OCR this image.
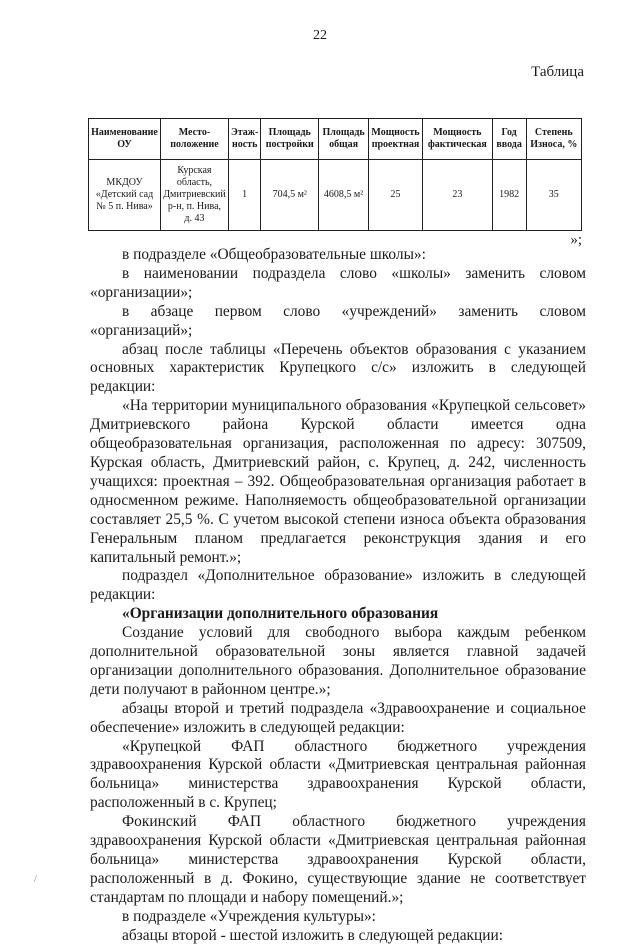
22
Таблица
Наименование ОУ	Место-положение	Этаж-ность	Площадь постройки	Площадь общая	Мощность проектная	Мощность фактическая	Год ввода	Степень Износа, %
МКДОУ «Детский сад № 5 п. Нива»	Курская область, Дмитриевский р-н, п. Нива, д. 43	1	704,5 м²	4608,5 м²	25	23	1982	35
»;

в подразделе «Общеобразовательные школы»:

в наименовании подраздела слово «школы» заменить словом «организации»;

в абзаце первом слово «учреждений» заменить словом «организаций»;

абзац после таблицы «Перечень объектов образования с указанием основных характеристик Крупецкого с/с» изложить в следующей редакции:

«На территории муниципального образования «Крупецкой сельсовет» Дмитриевского района Курской области имеется одна общеобразовательная организация, расположенная по адресу: 307509, Курская область, Дмитриевский район, с. Крупец, д. 242, численность учащихся: проектная – 392. Общеобразовательная организация работает в односменном режиме. Наполняемость общеобразовательной организации составляет 25,5 %. С учетом высокой степени износа объекта образования Генеральным планом предлагается реконструкция здания и его капитальный ремонт.»;

подраздел «Дополнительное образование» изложить в следующей редакции:

«Организации дополнительного образования

Создание условий для свободного выбора каждым ребенком дополнительной образовательной зоны является главной задачей организации дополнительного образования. Дополнительное образование дети получают в районном центре.»;

абзацы второй и третий подраздела «Здравоохранение и социальное обеспечение» изложить в следующей редакции:

«Крупецкой ФАП областного бюджетного учреждения здравоохранения Курской области «Дмитриевская центральная районная больница» министерства здравоохранения Курской области, расположенный в с. Крупец;

Фокинский ФАП областного бюджетного учреждения здравоохранения Курской области «Дмитриевская центральная районная больница» министерства здравоохранения Курской области, расположенный в д. Фокино, существующие здание не соответствует стандартам по площади и набору помещений.»;

в подразделе «Учреждения культуры»:

абзацы второй - шестой изложить в следующей редакции:

/
